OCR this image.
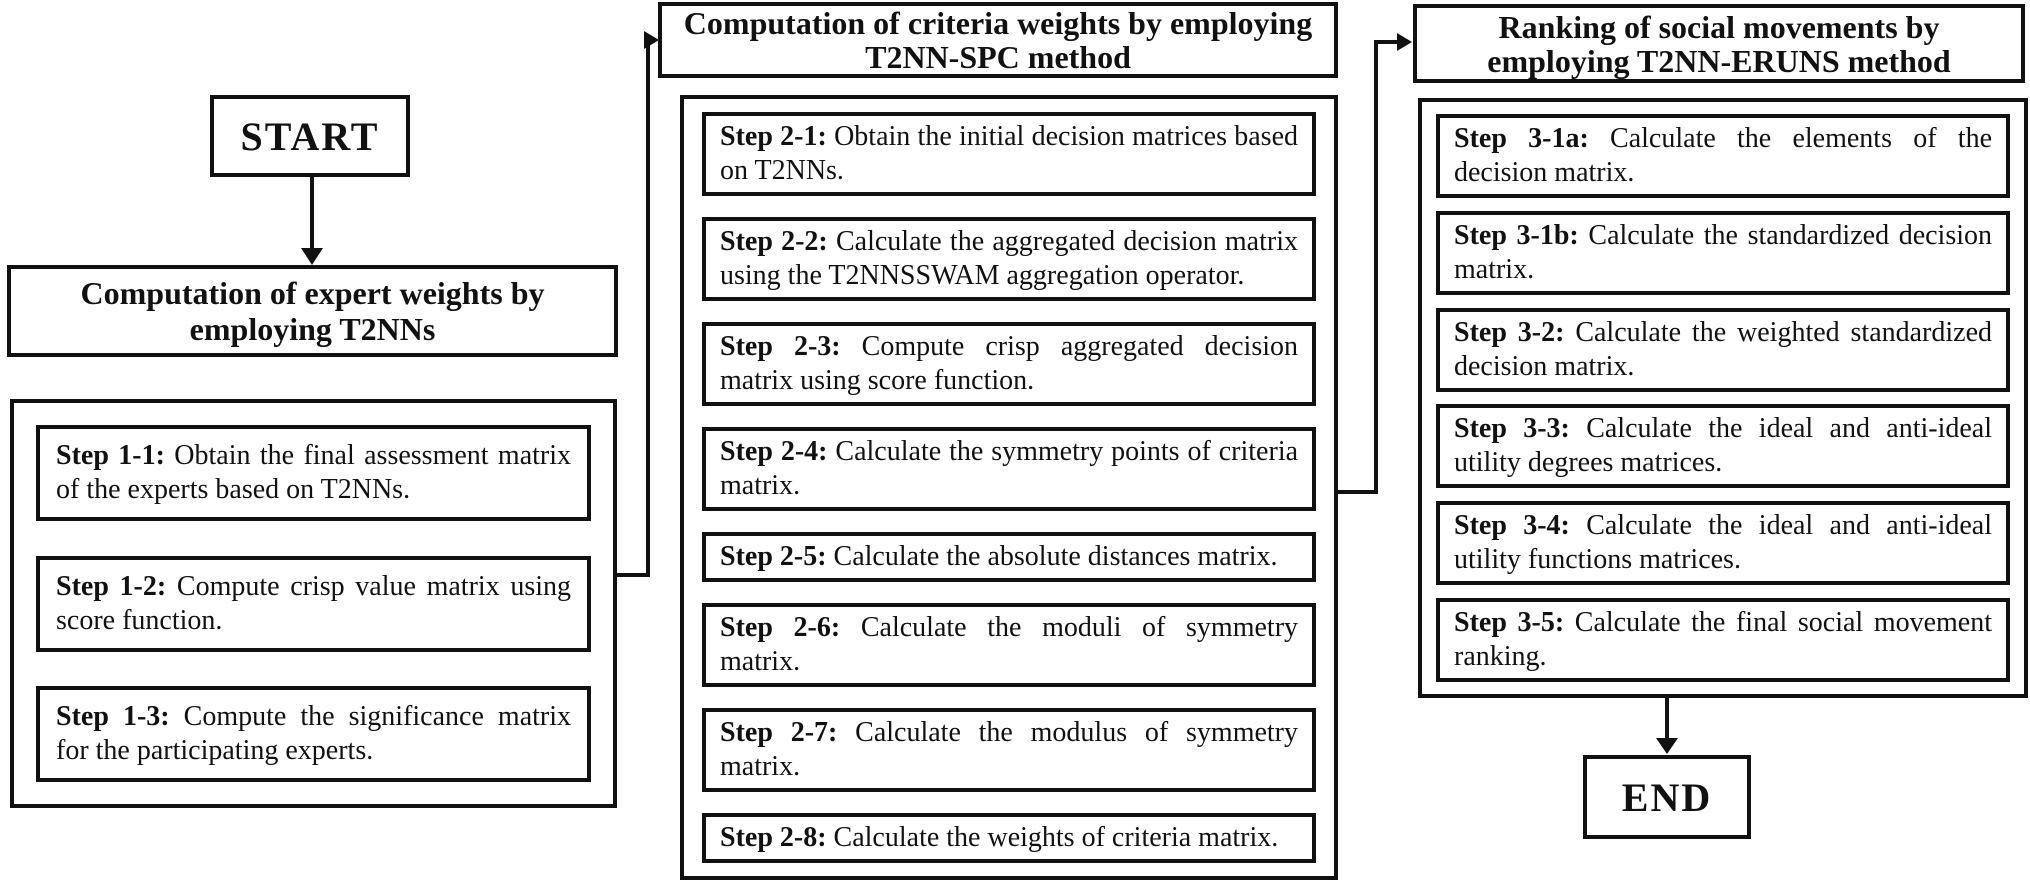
START
Computation of expert weights by employing T2NNs
Step 1-1: Obtain the final assessment matrix of the experts based on T2NNs.
Step 1-2: Compute crisp value matrix using score function.
Step 1-3: Compute the significance matrix for the participating experts.
Computation of criteria weights by employing T2NN-SPC method
Step 2-1: Obtain the initial decision matrices based on T2NNs.
Step 2-2: Calculate the aggregated decision matrix using the T2NNSSWAM aggregation operator.
Step 2-3: Compute crisp aggregated decision matrix using score function.
Step 2-4: Calculate the symmetry points of criteria matrix.
Step 2-5: Calculate the absolute distances matrix.
Step 2-6: Calculate the moduli of symmetry matrix.
Step 2-7: Calculate the modulus of symmetry matrix.
Step 2-8: Calculate the weights of criteria matrix.
Ranking of social movements by employing T2NN-ERUNS method
Step 3-1a: Calculate the elements of the decision matrix.
Step 3-1b: Calculate the standardized decision matrix.
Step 3-2: Calculate the weighted standardized decision matrix.
Step 3-3: Calculate the ideal and anti-ideal utility degrees matrices.
Step 3-4: Calculate the ideal and anti-ideal utility functions matrices.
Step 3-5: Calculate the final social movement ranking.
END
